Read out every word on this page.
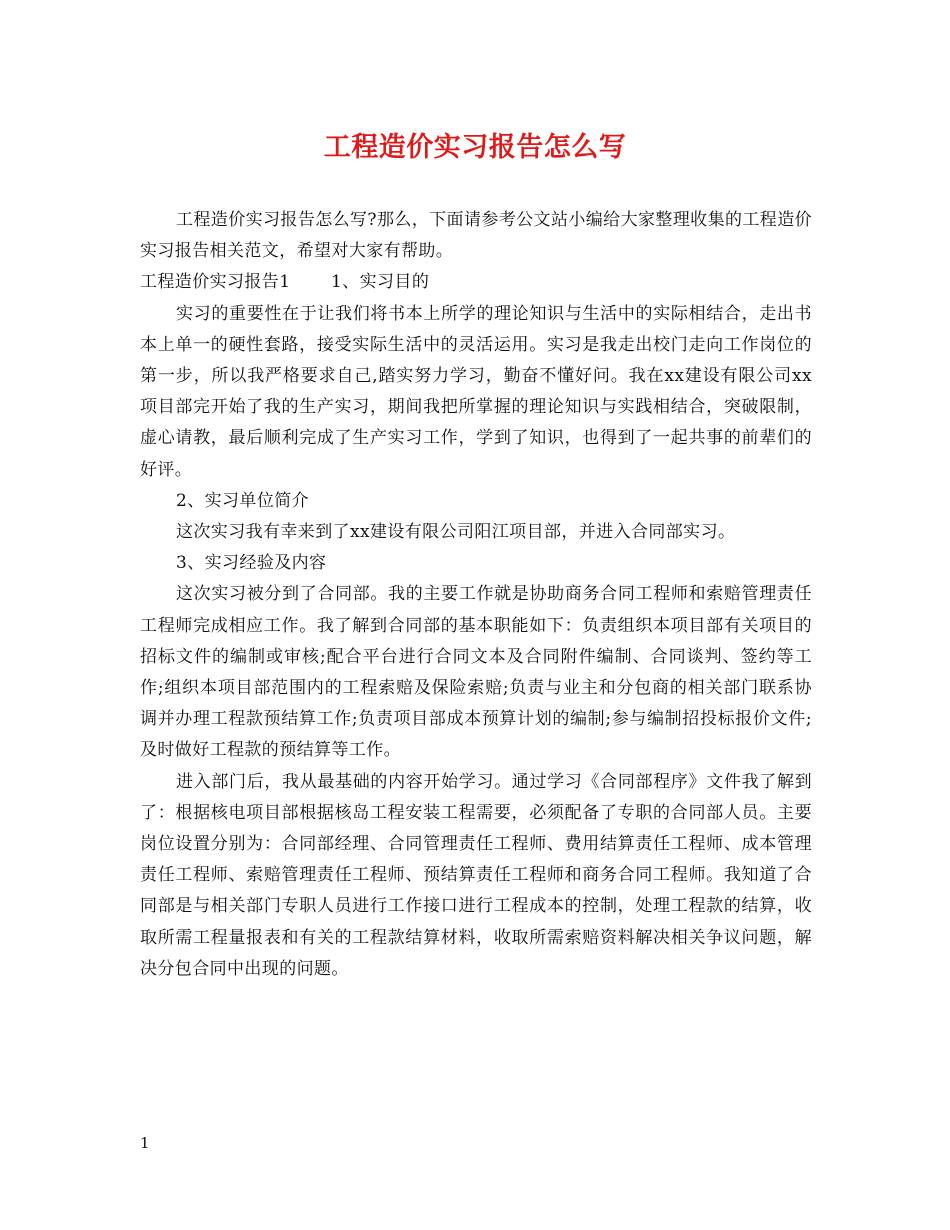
工程造价实习报告怎么写

工程造价实习报告怎么写?那么，下面请参考公文站小编给大家整理收集的工程造价实习报告相关范文，希望对大家有帮助。

工程造价实习报告1　　 1、实习目的

实习的重要性在于让我们将书本上所学的理论知识与生活中的实际相结合，走出书本上单一的硬性套路，接受实际生活中的灵活运用。实习是我走出校门走向工作岗位的第一步，所以我严格要求自己,踏实努力学习，勤奋不懂好问。我在xx建设有限公司xx项目部完开始了我的生产实习，期间我把所掌握的理论知识与实践相结合，突破限制，虚心请教，最后顺利完成了生产实习工作，学到了知识，也得到了一起共事的前辈们的好评。

2、实习单位简介

这次实习我有幸来到了xx建设有限公司阳江项目部，并进入合同部实习。

3、实习经验及内容

这次实习被分到了合同部。我的主要工作就是协助商务合同工程师和索赔管理责任工程师完成相应工作。我了解到合同部的基本职能如下：负责组织本项目部有关项目的招标文件的编制或审核;配合平台进行合同文本及合同附件编制、合同谈判、签约等工作;组织本项目部范围内的工程索赔及保险索赔;负责与业主和分包商的相关部门联系协调并办理工程款预结算工作;负责项目部成本预算计划的编制;参与编制招投标报价文件;及时做好工程款的预结算等工作。

进入部门后，我从最基础的内容开始学习。通过学习《合同部程序》文件我了解到了：根据核电项目部根据核岛工程安装工程需要，必须配备了专职的合同部人员。主要岗位设置分别为：合同部经理、合同管理责任工程师、费用结算责任工程师、成本管理责任工程师、索赔管理责任工程师、预结算责任工程师和商务合同工程师。我知道了合同部是与相关部门专职人员进行工作接口进行工程成本的控制，处理工程款的结算，收取所需工程量报表和有关的工程款结算材料，收取所需索赔资料解决相关争议问题，解决分包合同中出现的问题。

1
